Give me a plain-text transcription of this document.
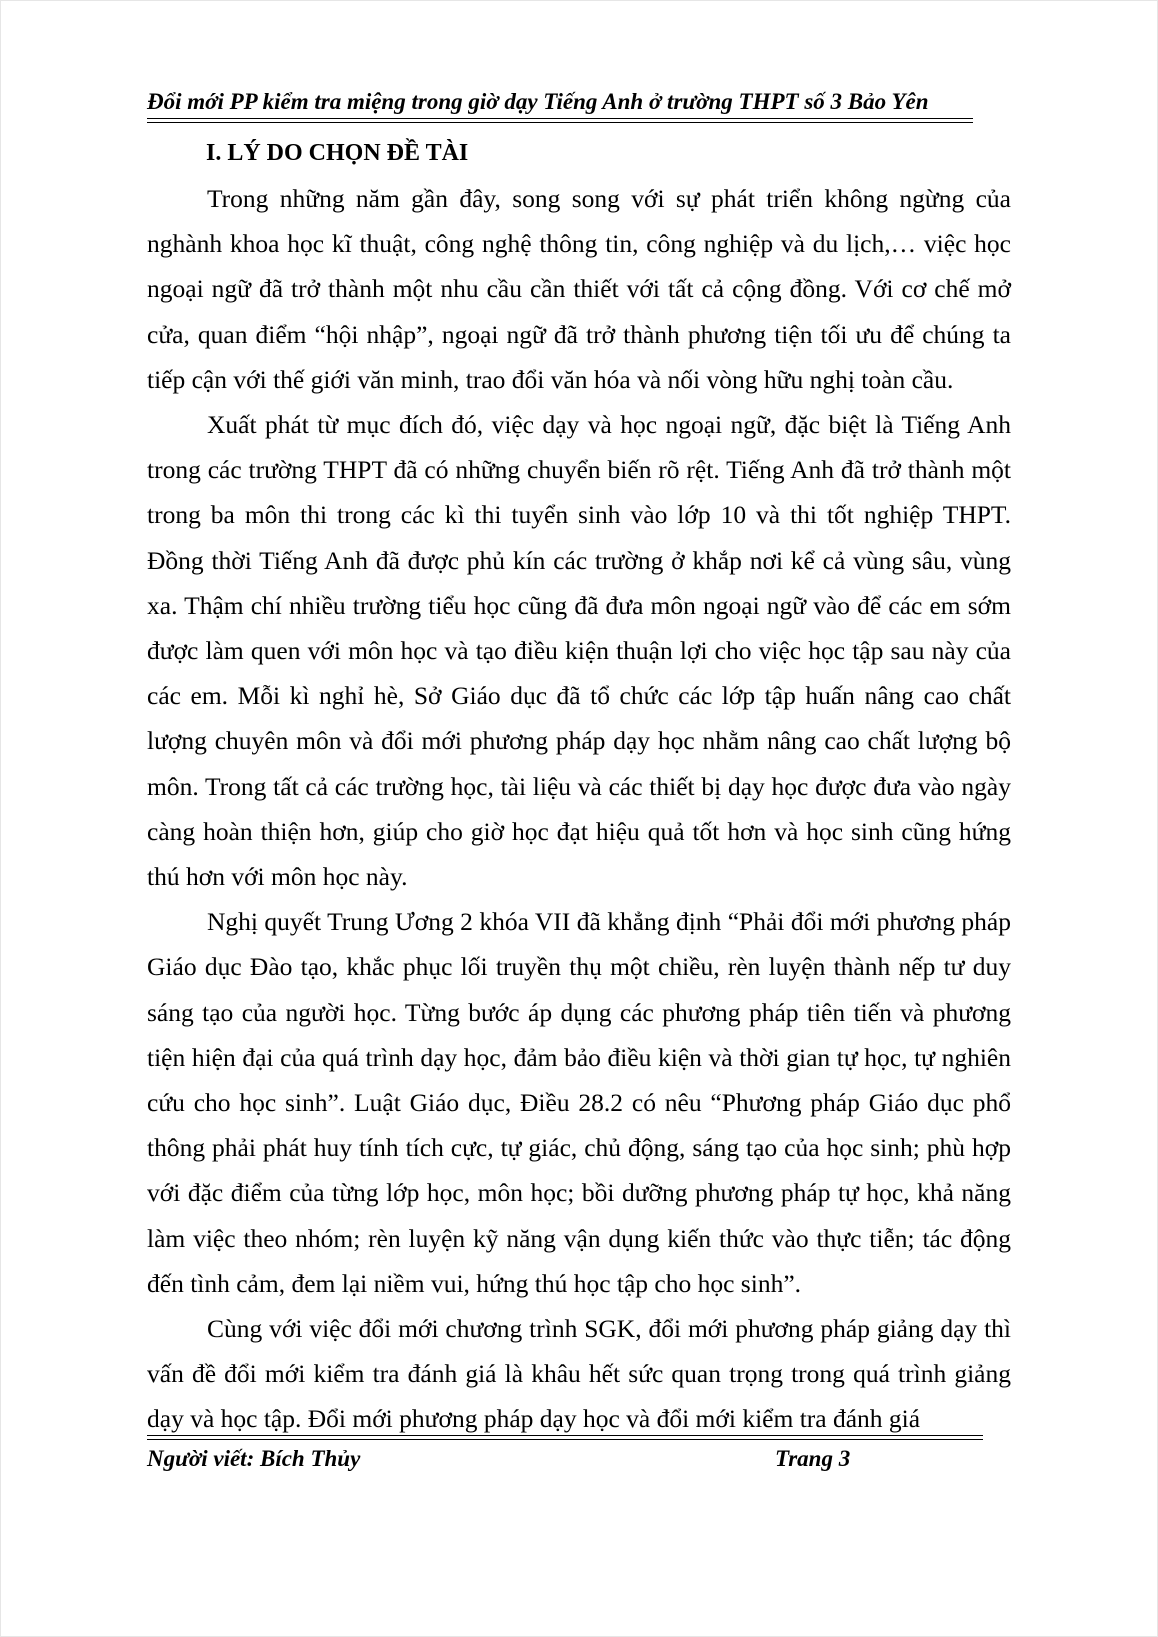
Đổi mới PP kiểm tra miệng trong giờ dạy Tiếng Anh ở trường THPT số 3 Bảo Yên
I. LÝ DO CHỌN ĐỀ TÀI

Trong những năm gần đây, song song với sự phát triển không ngừng của nghành khoa học kĩ thuật, công nghệ thông tin, công nghiệp và du lịch,… việc học ngoại ngữ đã trở thành một nhu cầu cần thiết với tất cả cộng đồng. Với cơ chế mở cửa, quan điểm “hội nhập”, ngoại ngữ đã trở thành phương tiện tối ưu để chúng ta tiếp cận với thế giới văn minh, trao đổi văn hóa và nối vòng hữu nghị toàn cầu.

Xuất phát từ mục đích đó, việc dạy và học ngoại ngữ, đặc biệt là Tiếng Anh trong các trường THPT đã có những chuyển biến rõ rệt. Tiếng Anh đã trở thành một trong ba môn thi trong các kì thi tuyển sinh vào lớp 10 và thi tốt nghiệp THPT. Đồng thời Tiếng Anh đã được phủ kín các trường ở khắp nơi kể cả vùng sâu, vùng xa. Thậm chí nhiều trường tiểu học cũng đã đưa môn ngoại ngữ vào để các em sớm được làm quen với môn học và tạo điều kiện thuận lợi cho việc học tập sau này của các em. Mỗi kì nghỉ hè, Sở Giáo dục đã tổ chức các lớp tập huấn nâng cao chất lượng chuyên môn và đổi mới phương pháp dạy học nhằm nâng cao chất lượng bộ môn. Trong tất cả các trường học, tài liệu và các thiết bị dạy học được đưa vào ngày càng hoàn thiện hơn, giúp cho giờ học đạt hiệu quả tốt hơn và học sinh cũng hứng thú hơn với môn học này.

Nghị quyết Trung Ương 2 khóa VII đã khẳng định “Phải đổi mới phương pháp Giáo dục Đào tạo, khắc phục lối truyền thụ một chiều, rèn luyện thành nếp tư duy sáng tạo của người học. Từng bước áp dụng các phương pháp tiên tiến và phương tiện hiện đại của quá trình dạy học, đảm bảo điều kiện và thời gian tự học, tự nghiên cứu cho học sinh”. Luật Giáo dục, Điều 28.2 có nêu “Phương pháp Giáo dục phổ thông phải phát huy tính tích cực, tự giác, chủ động, sáng tạo của học sinh; phù hợp với đặc điểm của từng lớp học, môn học; bồi dưỡng phương pháp tự học, khả năng làm việc theo nhóm; rèn luyện kỹ năng vận dụng kiến thức vào thực tiễn; tác động đến tình cảm, đem lại niềm vui, hứng thú học tập cho học sinh”.

Cùng với việc đổi mới chương trình SGK, đổi mới phương pháp giảng dạy thì vấn đề đổi mới kiểm tra đánh giá là khâu hết sức quan trọng trong quá trình giảng dạy và học tập. Đổi mới phương pháp dạy học và đổi mới kiểm tra đánh giá

Người viết: Bích Thủy	Trang 3
